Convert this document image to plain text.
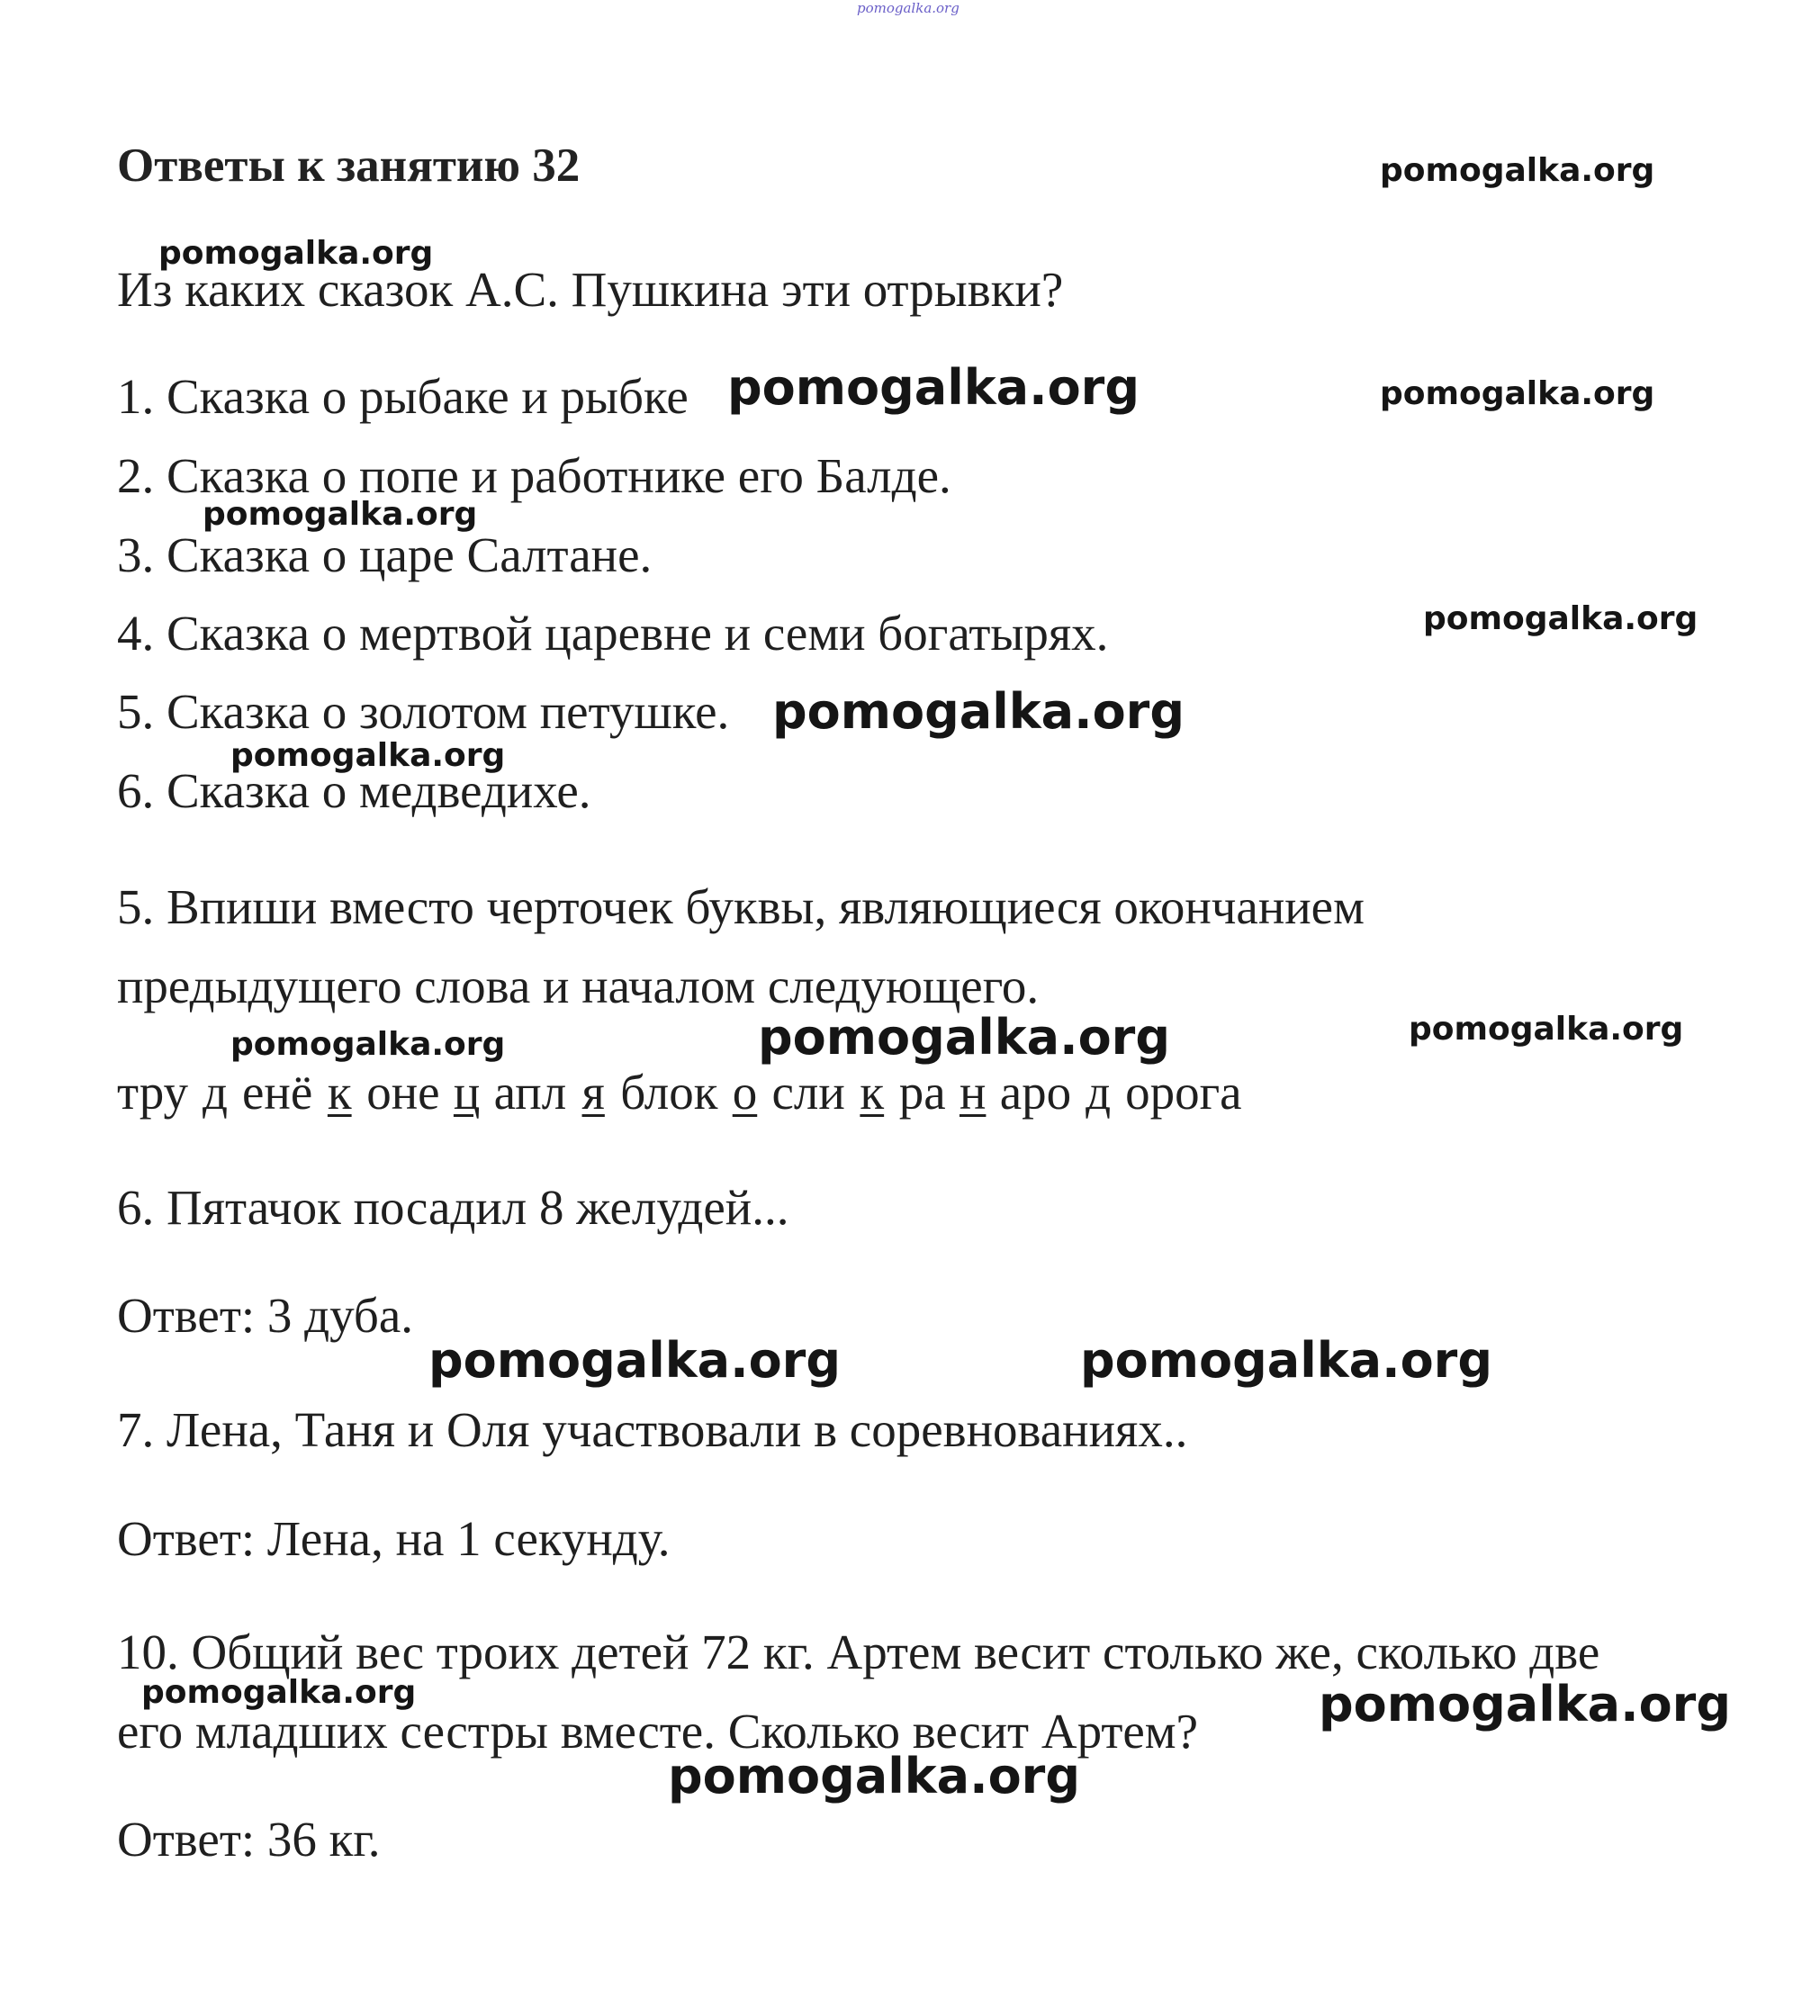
pomogalka.org
pomogalka.org
pomogalka.org
pomogalka.org	pomogalka.org
pomogalka.org
pomogalka.org
pomogalka.org
pomogalka.org
pomogalka.org
pomogalka.org	pomogalka.org
pomogalka.org	pomogalka.org
pomogalka.org	pomogalka.org
pomogalka.org
Ответы к занятию 32
Из каких сказок А.С. Пушкина эти отрывки?
1. Сказка о рыбаке и рыбке
2. Сказка о попе и работнике его Балде.
3. Сказка о царе Салтане.
4. Сказка о мертвой царевне и семи богатырях.
5. Сказка о золотом петушке.
6. Сказка о медведихе.
5. Впиши вместо черточек буквы, являющиеся окончанием
предыдущего слова и началом следующего.
тру д енё к оне ц апл я блок о сли к ра н аро д орога
6. Пятачок посадил 8 желудей...
Ответ: 3 дуба.
7. Лена, Таня и Оля участвовали в соревнованиях..
Ответ: Лена, на 1 секунду.
10. Общий вес троих детей 72 кг. Артем весит столько же, сколько две
его младших сестры вместе. Сколько весит Артем?
Ответ: 36 кг.
